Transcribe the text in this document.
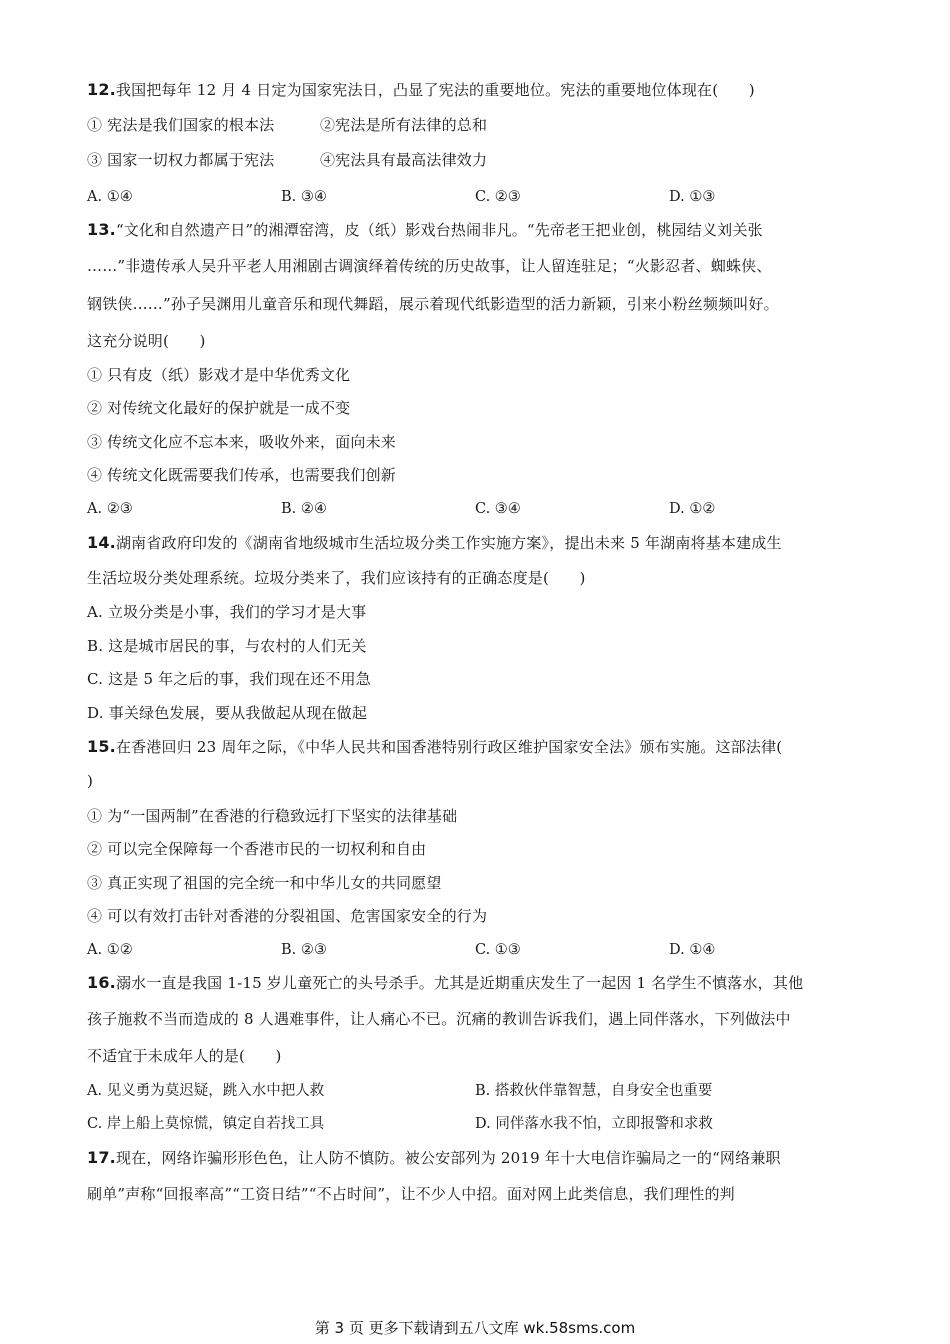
12.我国把每年 12 月 4 日定为国家宪法日，凸显了宪法的重要地位。宪法的重要地位体现在(　　)
① 宪法是我们国家的根本法　　　②宪法是所有法律的总和
③ 国家一切权力都属于宪法　　　④宪法具有最高法律效力
A. ①④	B. ③④	C. ②③	D. ①③
13.“文化和自然遗产日”的湘潭窑湾，皮（纸）影戏台热闹非凡。“先帝老王把业创，桃园结义刘关张
……”非遗传承人吴升平老人用湘剧古调演绎着传统的历史故事，让人留连驻足；“火影忍者、蜘蛛侠、
钢铁侠……”孙子吴渊用儿童音乐和现代舞蹈，展示着现代纸影造型的活力新颖，引来小粉丝频频叫好。
这充分说明(　　)
① 只有皮（纸）影戏才是中华优秀文化
② 对传统文化最好的保护就是一成不变
③ 传统文化应不忘本来，吸收外来，面向未来
④ 传统文化既需要我们传承，也需要我们创新
A. ②③	B. ②④	C. ③④	D. ①②
14.湖南省政府印发的《湖南省地级城市生活垃圾分类工作实施方案》，提出未来 5 年湖南将基本建成生
生活垃圾分类处理系统。垃圾分类来了，我们应该持有的正确态度是(　　)
A. 立圾分类是小事，我们的学习才是大事
B. 这是城市居民的事，与农村的人们无关
C. 这是 5 年之后的事，我们现在还不用急
D. 事关绿色发展，要从我做起从现在做起
15.在香港回归 23 周年之际，《中华人民共和国香港特别行政区维护国家安全法》颁布实施。这部法律(
)
① 为“一国两制”在香港的行稳致远打下坚实的法律基础
② 可以完全保障每一个香港市民的一切权利和自由
③ 真正实现了祖国的完全统一和中华儿女的共同愿望
④ 可以有效打击针对香港的分裂祖国、危害国家安全的行为
A. ①②	B. ②③	C. ①③	D. ①④
16.溺水一直是我国 1-15 岁儿童死亡的头号杀手。尤其是近期重庆发生了一起因 1 名学生不慎落水，其他
孩子施救不当而造成的 8 人遇难事件，让人痛心不已。沉痛的教训告诉我们，遇上同伴落水，下列做法中
不适宜于未成年人的是(　　)
A. 见义勇为莫迟疑，跳入水中把人救	B. 搭救伙伴靠智慧，自身安全也重要
C. 岸上船上莫惊慌，镇定自若找工具	D. 同伴落水我不怕，立即报警和求救
17.现在，网络诈骗形形色色，让人防不慎防。被公安部列为 2019 年十大电信诈骗局之一的“网络兼职
刷单”声称“回报率高”“工资日结”“不占时间”，让不少人中招。面对网上此类信息，我们理性的判
第 3 页 更多下载请到五八文库 wk.58sms.com
